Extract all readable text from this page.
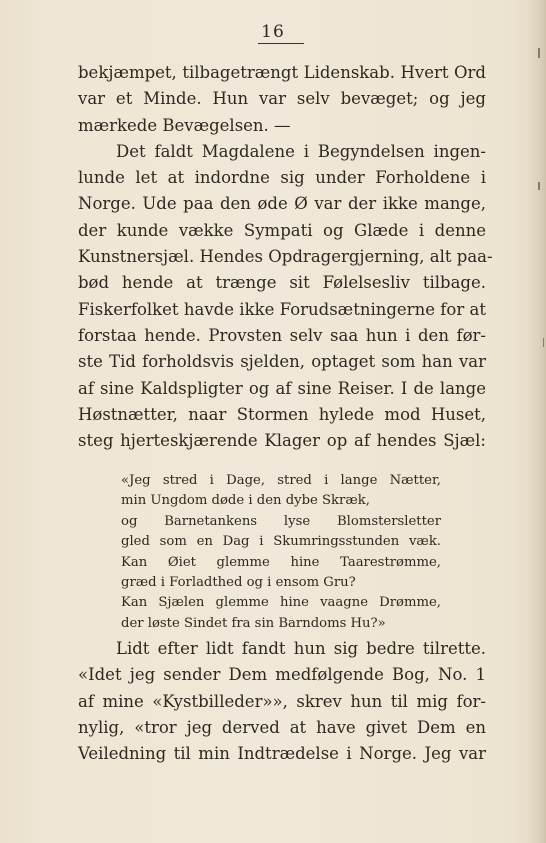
16
bekjæmpet, tilbagetrængt Lidenskab. Hvert Ord
var et Minde. Hun var selv bevæget; og jeg
mærkede Bevægelsen. —
Det faldt Magdalene i Begyndelsen ingen-
lunde let at indordne sig under Forholdene i
Norge. Ude paa den øde Ø var der ikke mange,
der kunde vække Sympati og Glæde i denne
Kunstnersjæl. Hendes Opdragergjerning, alt paa-
bød hende at trænge sit Følelsesliv tilbage.
Fiskerfolket havde ikke Forudsætningerne for at
forstaa hende. Provsten selv saa hun i den før-
ste Tid forholdsvis sjelden, optaget som han var
af sine Kaldspligter og af sine Reiser. I de lange
Høstnætter, naar Stormen hylede mod Huset,
steg hjerteskjærende Klager op af hendes Sjæl:
«Jeg stred i Dage, stred i lange Nætter,
min Ungdom døde i den dybe Skræk,
og Barnetankens lyse Blomstersletter
gled som en Dag i Skumringsstunden væk.
Kan Øiet glemme hine Taarestrømme,
græd i Forladthed og i ensom Gru?
Kan Sjælen glemme hine vaagne Drømme,
der løste Sindet fra sin Barndoms Hu?»
Lidt efter lidt fandt hun sig bedre tilrette.
«Idet jeg sender Dem medfølgende Bog, No. 1
af mine «Kystbilleder»», skrev hun til mig for-
nylig, «tror jeg derved at have givet Dem en
Veiledning til min Indtrædelse i Norge. Jeg var
